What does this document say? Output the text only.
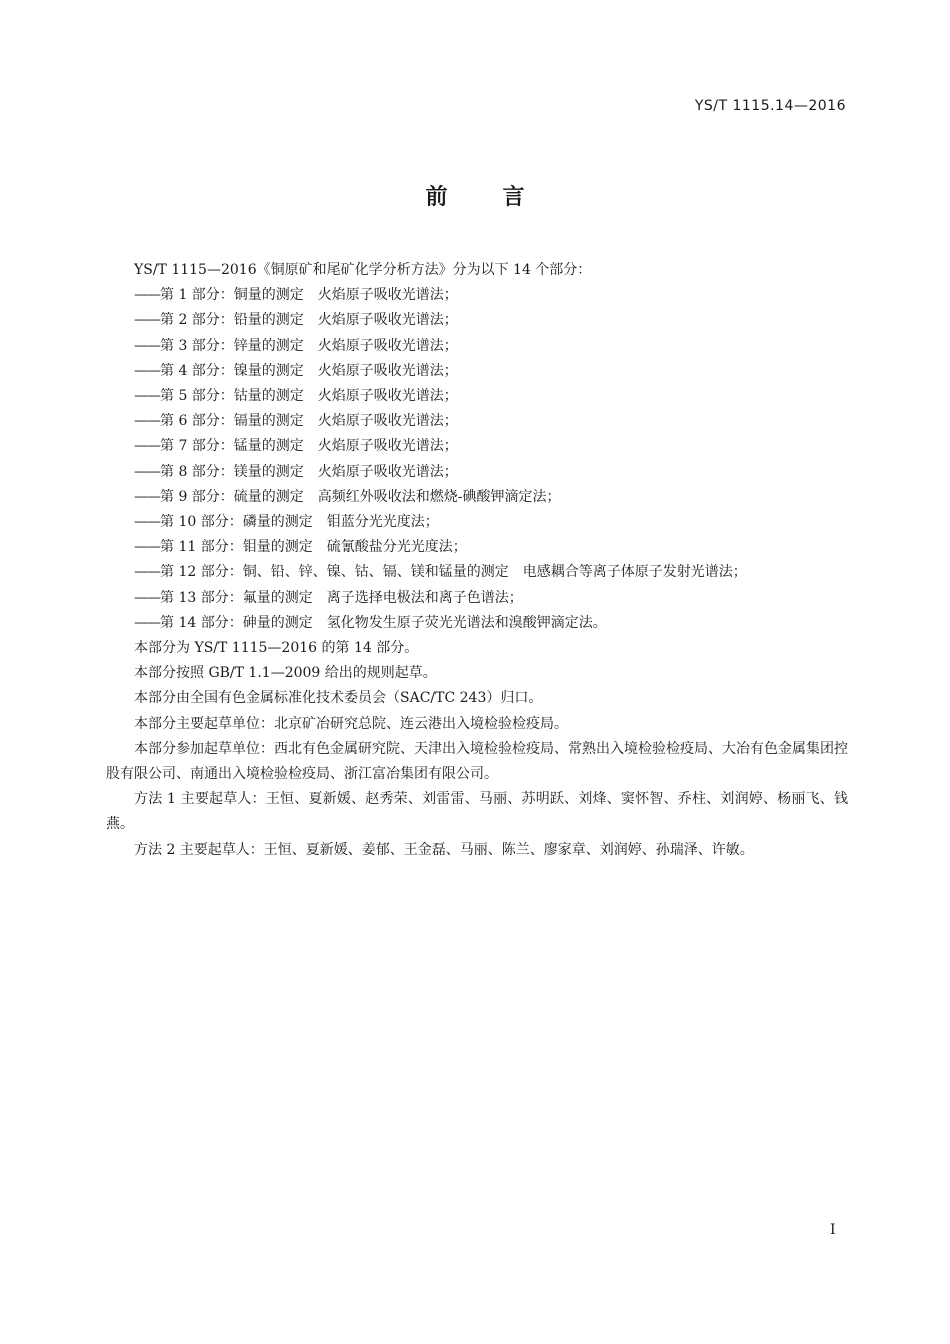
YS/T 1115.14—2016
前言

YS/T 1115—2016《铜原矿和尾矿化学分析方法》分为以下 14 个部分：

——第 1 部分：铜量的测定　火焰原子吸收光谱法；

——第 2 部分：铅量的测定　火焰原子吸收光谱法；

——第 3 部分：锌量的测定　火焰原子吸收光谱法；

——第 4 部分：镍量的测定　火焰原子吸收光谱法；

——第 5 部分：钴量的测定　火焰原子吸收光谱法；

——第 6 部分：镉量的测定　火焰原子吸收光谱法；

——第 7 部分：锰量的测定　火焰原子吸收光谱法；

——第 8 部分：镁量的测定　火焰原子吸收光谱法；

——第 9 部分：硫量的测定　高频红外吸收法和燃烧-碘酸钾滴定法；

——第 10 部分：磷量的测定　钼蓝分光光度法；

——第 11 部分：钼量的测定　硫氰酸盐分光光度法；

——第 12 部分：铜、铅、锌、镍、钴、镉、镁和锰量的测定　电感耦合等离子体原子发射光谱法；

——第 13 部分：氟量的测定　离子选择电极法和离子色谱法；

——第 14 部分：砷量的测定　氢化物发生原子荧光光谱法和溴酸钾滴定法。

本部分为 YS/T 1115—2016 的第 14 部分。

本部分按照 GB/T 1.1—2009 给出的规则起草。

本部分由全国有色金属标准化技术委员会（SAC/TC 243）归口。

本部分主要起草单位：北京矿冶研究总院、连云港出入境检验检疫局。

本部分参加起草单位：西北有色金属研究院、天津出入境检验检疫局、常熟出入境检验检疫局、大冶有色金属集团控股有限公司、南通出入境检验检疫局、浙江富冶集团有限公司。

方法 1 主要起草人：王恒、夏新媛、赵秀荣、刘雷雷、马丽、苏明跃、刘烽、窦怀智、乔柱、刘润婷、杨丽飞、钱燕。

方法 2 主要起草人：王恒、夏新媛、姜郁、王金磊、马丽、陈兰、廖家章、刘润婷、孙瑞泽、许敏。

I
